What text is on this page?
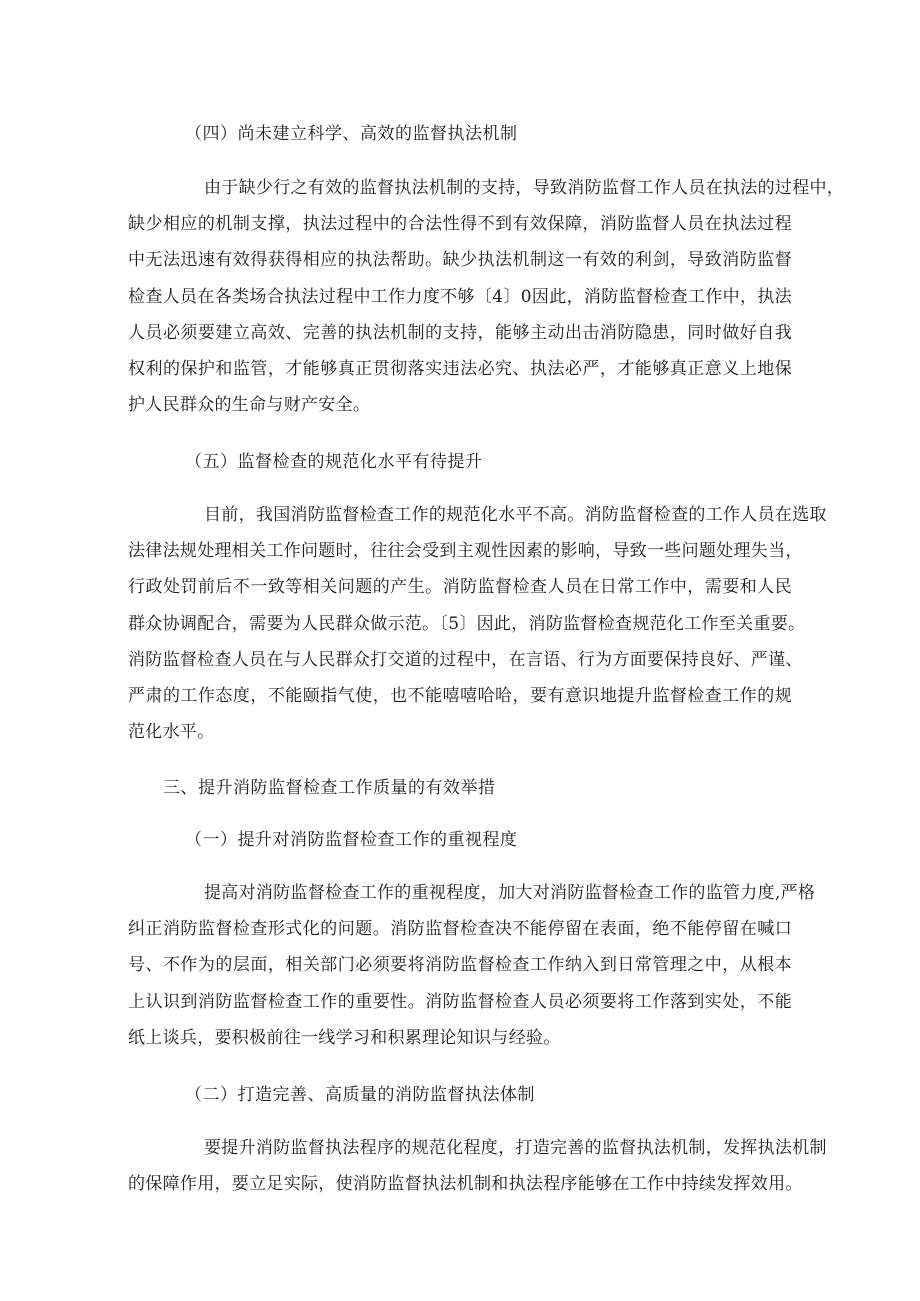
（四）尚未建立科学、高效的监督执法机制
由于缺少行之有效的监督执法机制的支持，导致消防监督工作人员在执法的过程中，
缺少相应的机制支撑，执法过程中的合法性得不到有效保障，消防监督人员在执法过程
中无法迅速有效得获得相应的执法帮助。缺少执法机制这一有效的利剑，导致消防监督
检查人员在各类场合执法过程中工作力度不够〔4〕0因此，消防监督检查工作中，执法
人员必须要建立高效、完善的执法机制的支持，能够主动出击消防隐患，同时做好自我
权利的保护和监管，才能够真正贯彻落实违法必究、执法必严，才能够真正意义上地保
护人民群众的生命与财产安全。
（五）监督检查的规范化水平有待提升
目前，我国消防监督检查工作的规范化水平不高。消防监督检查的工作人员在选取
法律法规处理相关工作问题时，往往会受到主观性因素的影响，导致一些问题处理失当，
行政处罚前后不一致等相关问题的产生。消防监督检查人员在日常工作中，需要和人民
群众协调配合，需要为人民群众做示范。〔5〕因此，消防监督检查规范化工作至关重要。
消防监督检查人员在与人民群众打交道的过程中，在言语、行为方面要保持良好、严谨、
严肃的工作态度，不能颐指气使，也不能嘻嘻哈哈，要有意识地提升监督检查工作的规
范化水平。
三、提升消防监督检查工作质量的有效举措
（一）提升对消防监督检查工作的重视程度
提高对消防监督检查工作的重视程度，加大对消防监督检查工作的监管力度,严格
纠正消防监督检查形式化的问题。消防监督检查决不能停留在表面，绝不能停留在喊口
号、不作为的层面，相关部门必须要将消防监督检查工作纳入到日常管理之中，从根本
上认识到消防监督检查工作的重要性。消防监督检查人员必须要将工作落到实处，不能
纸上谈兵，要积极前往一线学习和积累理论知识与经验。
（二）打造完善、高质量的消防监督执法体制
要提升消防监督执法程序的规范化程度，打造完善的监督执法机制，发挥执法机制
的保障作用，要立足实际，使消防监督执法机制和执法程序能够在工作中持续发挥效用。
